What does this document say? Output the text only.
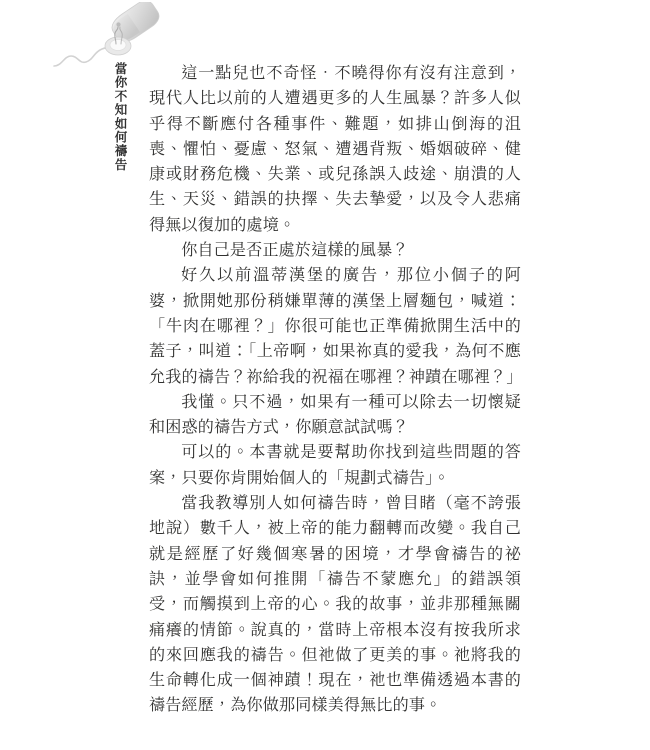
當你不知如何禱告	這一點兒也不奇怪．不曉得你有沒有注意到，現代人比以前的人遭遇更多的人生風暴？許多人似乎得不斷應付各種事件、難題，如排山倒海的沮喪、懼怕、憂慮、怒氣、遭遇背叛、婚姻破碎、健康或財務危機、失業、或兒孫誤入歧途、崩潰的人生、天災、錯誤的抉擇、失去摯愛，以及令人悲痛得無以復加的處境。

你自己是否正處於這樣的風暴？

好久以前溫蒂漢堡的廣告，那位小個子的阿婆，掀開她那份稍嫌單薄的漢堡上層麵包，喊道：「牛肉在哪裡？」你很可能也正準備掀開生活中的蓋子，叫道：「上帝啊，如果祢真的愛我，為何不應允我的禱告？祢給我的祝福在哪裡？神蹟在哪裡？」

我懂。只不過，如果有一種可以除去一切懷疑和困惑的禱告方式，你願意試試嗎？

可以的。本書就是要幫助你找到這些問題的答案，只要你肯開始個人的「規劃式禱告」。

當我教導別人如何禱告時，曾目睹（毫不誇張地說）數千人，被上帝的能力翻轉而改變。我自己就是經歷了好幾個寒暑的困境，才學會禱告的祕訣，並學會如何推開「禱告不蒙應允」的錯誤領受，而觸摸到上帝的心。我的故事，並非那種無關痛癢的情節。說真的，當時上帝根本沒有按我所求的來回應我的禱告。但祂做了更美的事。祂將我的生命轉化成一個神蹟！現在，祂也準備透過本書的禱告經歷，為你做那同樣美得無比的事。
